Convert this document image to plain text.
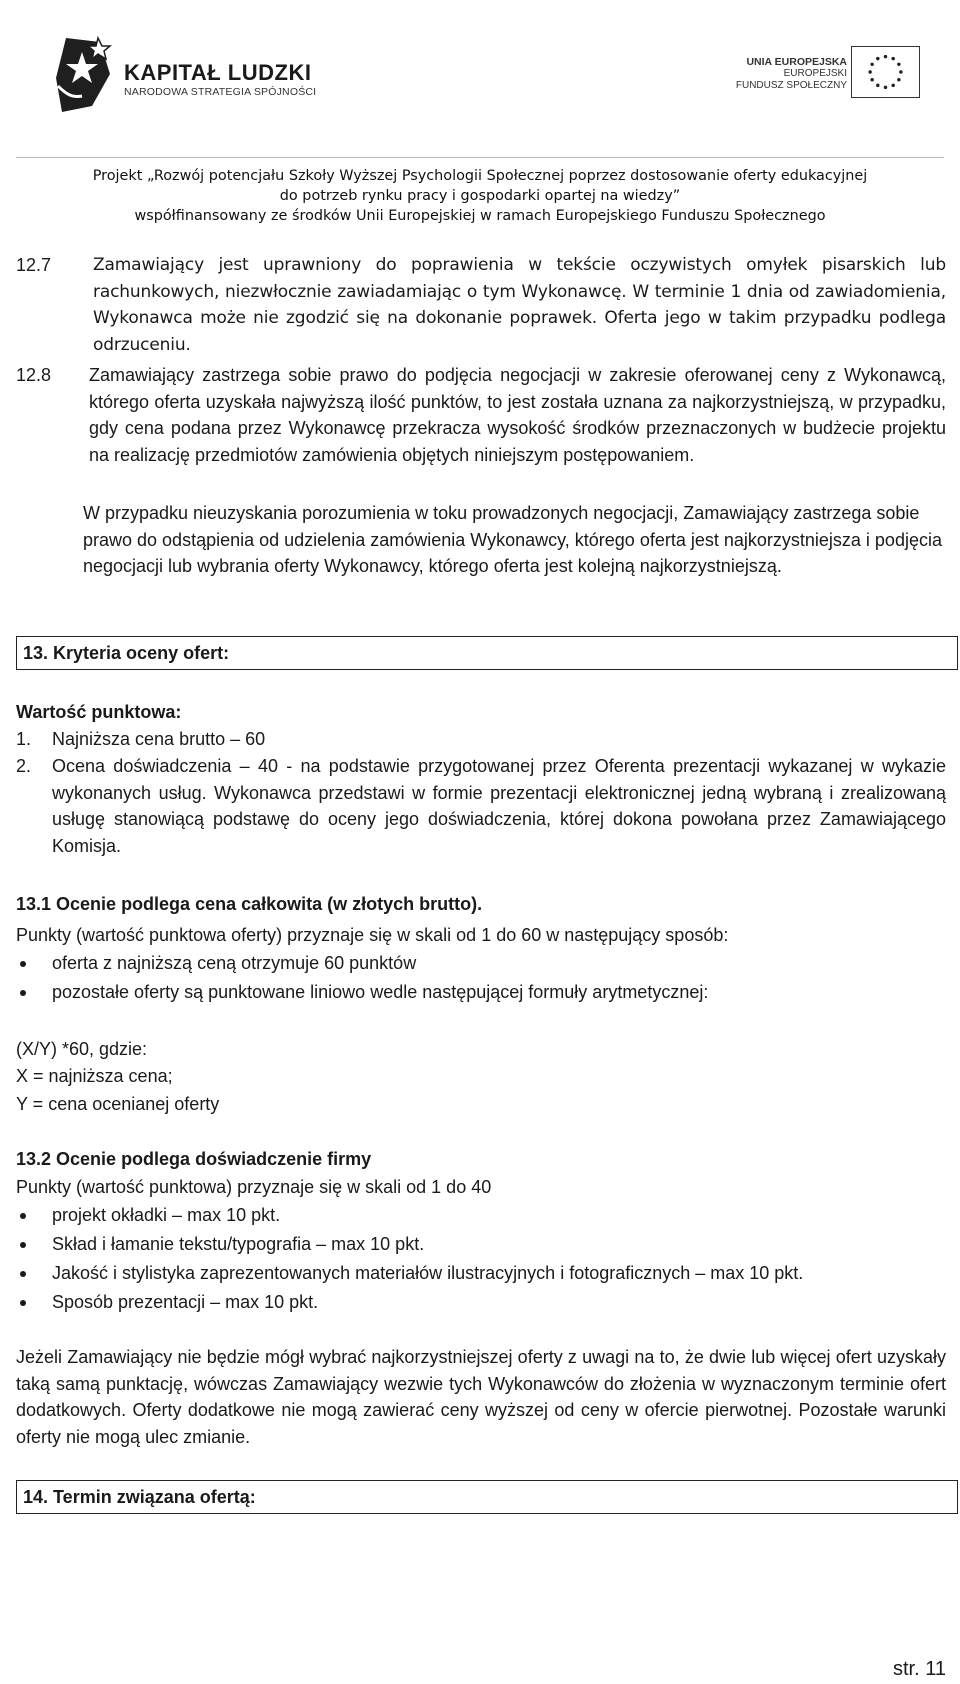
KAPITAŁ LUDZKI
NARODOWA STRATEGIA SPÓJNOŚCI
UNIA EUROPEJSKA
EUROPEJSKI
FUNDUSZ SPOŁECZNY
Projekt „Rozwój potencjału Szkoły Wyższej Psychologii Społecznej poprzez dostosowanie oferty edukacyjnej
do potrzeb rynku pracy i gospodarki opartej na wiedzy”
współfinansowany ze środków Unii Europejskiej w ramach Europejskiego Funduszu Społecznego
12.7 Zamawiający jest uprawniony do poprawienia w tekście oczywistych omyłek pisarskich lub rachunkowych, niezwłocznie zawiadamiając o tym Wykonawcę. W terminie 1 dnia od zawiadomienia, Wykonawca może nie zgodzić się na dokonanie poprawek. Oferta jego w takim przypadku podlega odrzuceniu.
12.8 Zamawiający zastrzega sobie prawo do podjęcia negocjacji w zakresie oferowanej ceny z Wykonawcą, którego oferta uzyskała najwyższą ilość punktów, to jest została uznana za najkorzystniejszą, w przypadku, gdy cena podana przez Wykonawcę przekracza wysokość środków przeznaczonych w budżecie projektu na realizację przedmiotów zamówienia objętych niniejszym postępowaniem.
W przypadku nieuzyskania porozumienia w toku prowadzonych negocjacji, Zamawiający zastrzega sobie prawo do odstąpienia od udzielenia zamówienia Wykonawcy, którego oferta jest najkorzystniejsza i podjęcia negocjacji lub wybrania oferty Wykonawcy, którego oferta jest kolejną najkorzystniejszą.
13. Kryteria oceny ofert:
Wartość punktowa:
1. Najniższa cena brutto – 60
2. Ocena doświadczenia – 40 - na podstawie przygotowanej przez Oferenta prezentacji wykazanej w wykazie wykonanych usług. Wykonawca przedstawi w formie prezentacji elektronicznej jedną wybraną i zrealizowaną usługę stanowiącą podstawę do oceny jego doświadczenia, której dokona powołana przez Zamawiającego Komisja.
13.1 Ocenie podlega cena całkowita (w złotych brutto).
Punkty (wartość punktowa oferty) przyznaje się w skali od 1 do 60 w następujący sposób:
oferta z najniższą ceną otrzymuje 60 punktów
pozostałe oferty są punktowane liniowo wedle następującej formuły arytmetycznej:
(X/Y) *60, gdzie:
X = najniższa cena;
Y = cena ocenianej oferty
13.2 Ocenie podlega doświadczenie firmy
Punkty (wartość punktowa) przyznaje się w skali od 1 do 40
projekt okładki – max 10 pkt.
Skład i łamanie tekstu/typografia – max 10 pkt.
Jakość i stylistyka zaprezentowanych materiałów ilustracyjnych i fotograficznych – max 10 pkt.
Sposób prezentacji – max 10 pkt.
Jeżeli Zamawiający nie będzie mógł wybrać najkorzystniejszej oferty z uwagi na to, że dwie lub więcej ofert uzyskały taką samą punktację, wówczas Zamawiający wezwie tych Wykonawców do złożenia w wyznaczonym terminie ofert dodatkowych. Oferty dodatkowe nie mogą zawierać ceny wyższej od ceny w ofercie pierwotnej. Pozostałe warunki oferty nie mogą ulec zmianie.
14. Termin związana ofertą:
str. 11
